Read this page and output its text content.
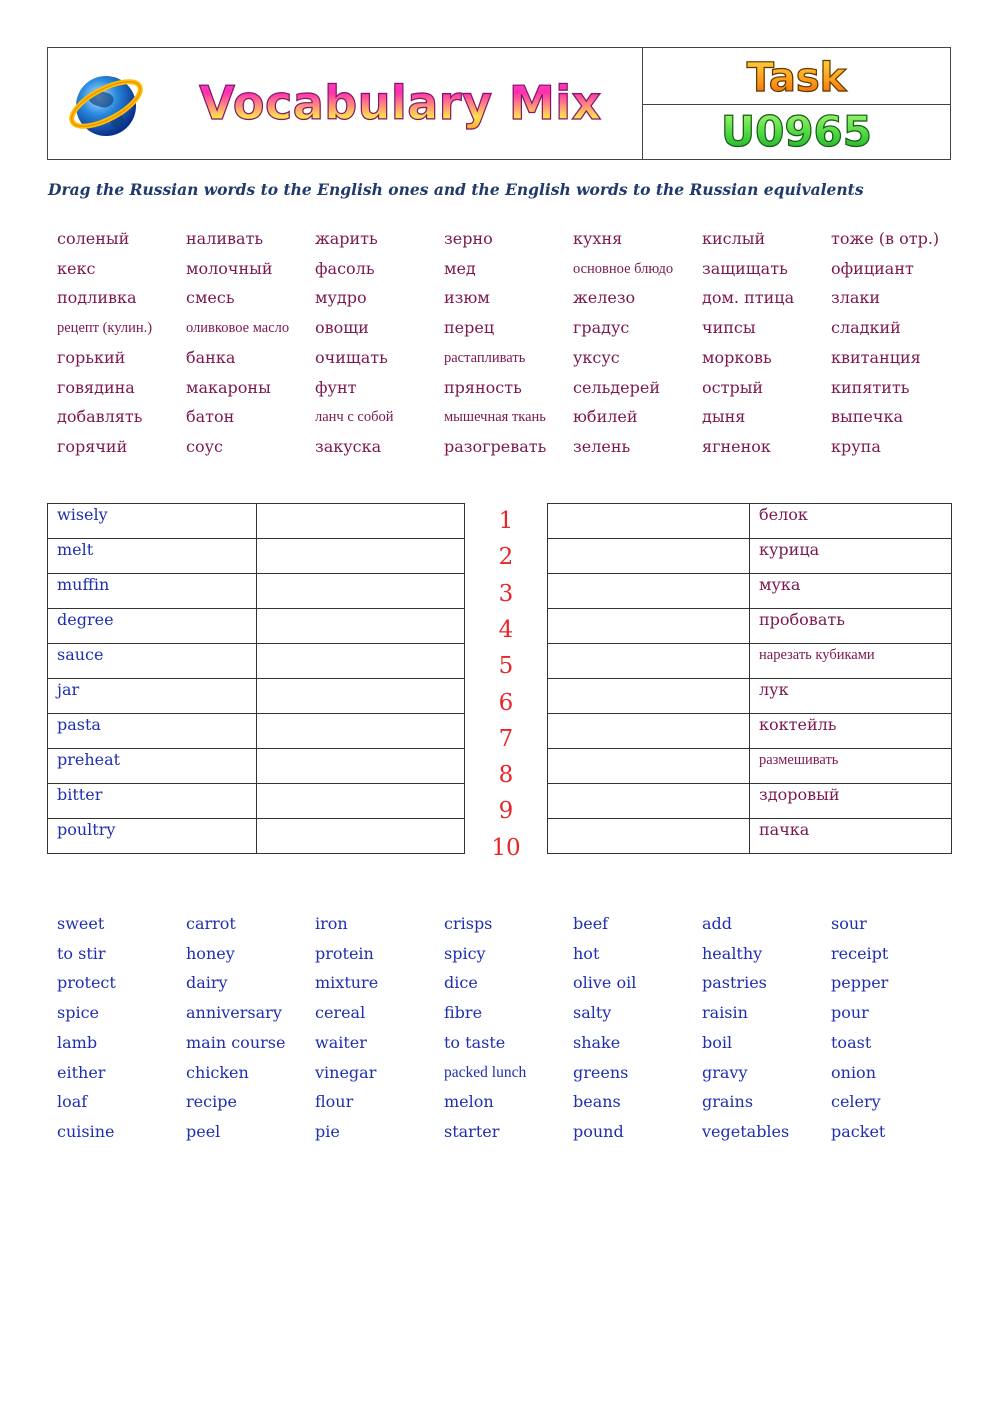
Vocabulary Mix	Task
U0965
Drag the Russian words to the English ones and the English words to the Russian equivalents
соленый	наливать	жарить	зерно	кухня	кислый	тоже (в отр.)
кекс	молочный	фасоль	мед	основное блюдо	защищать	официант
подливка	смесь	мудро	изюм	железо	дом. птица	злаки
рецепт (кулин.)	оливковое масло	овощи	перец	градус	чипсы	сладкий
горький	банка	очищать	растапливать	уксус	морковь	квитанция
говядина	макароны	фунт	пряность	сельдерей	острый	кипятить
добавлять	батон	ланч с собой	мышечная ткань	юбилей	дыня	выпечка
горячий	соус	закуска	разогревать	зелень	ягненок	крупа
wisely	
melt	
muffin	
degree	
sauce	
jar	
pasta	
preheat	
bitter	
poultry	
1
2
3
4
5
6
7
8
9
10
	белок
	курица
	мука
	пробовать
	нарезать кубиками
	лук
	коктейль
	размешивать
	здоровый
	пачка
sweet	carrot	iron	crisps	beef	add	sour
to stir	honey	protein	spicy	hot	healthy	receipt
protect	dairy	mixture	dice	olive oil	pastries	pepper
spice	anniversary	cereal	fibre	salty	raisin	pour
lamb	main course	waiter	to taste	shake	boil	toast
either	chicken	vinegar	packed lunch	greens	gravy	onion
loaf	recipe	flour	melon	beans	grains	celery
cuisine	peel	pie	starter	pound	vegetables	packet
